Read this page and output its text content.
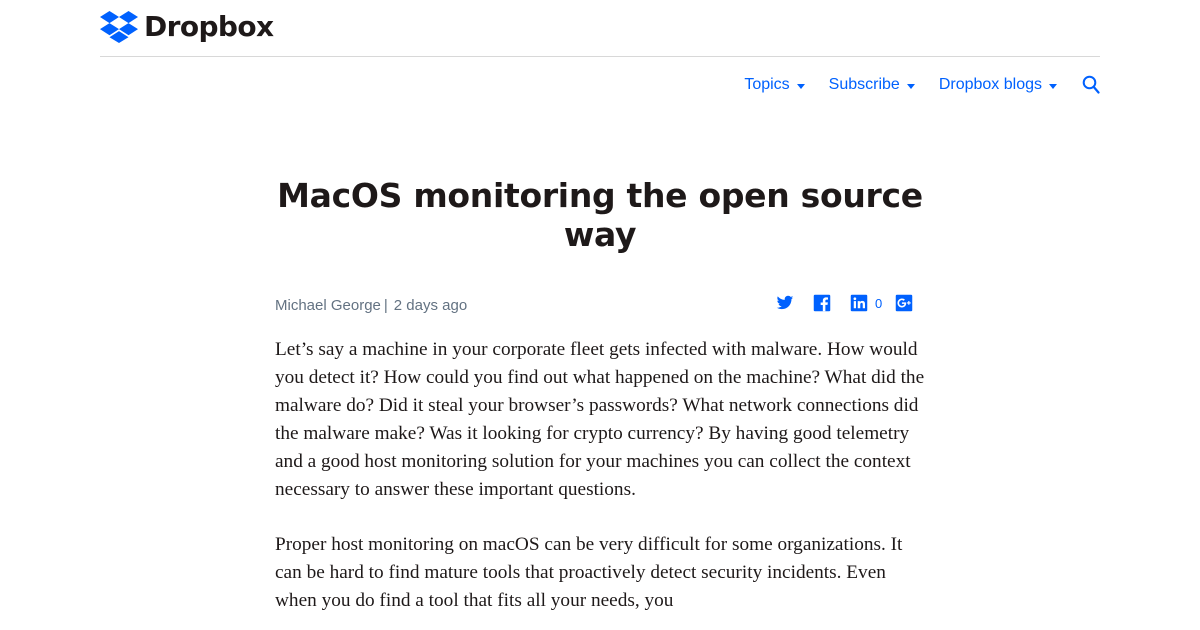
Dropbox
Topics Subscribe Dropbox blogs
MacOS monitoring the open source way
Michael George | 2 days ago	0

Let’s say a machine in your corporate fleet gets infected with malware. How would you detect it? How could you find out what happened on the machine? What did the malware do? Did it steal your browser’s passwords? What network connections did the malware make? Was it looking for crypto currency? By having good telemetry and a good host monitoring solution for your machines you can collect the context necessary to answer these important questions.

Proper host monitoring on macOS can be very difficult for some organizations. It can be hard to find mature tools that proactively detect security incidents. Even when you do find a tool that fits all your needs, you
